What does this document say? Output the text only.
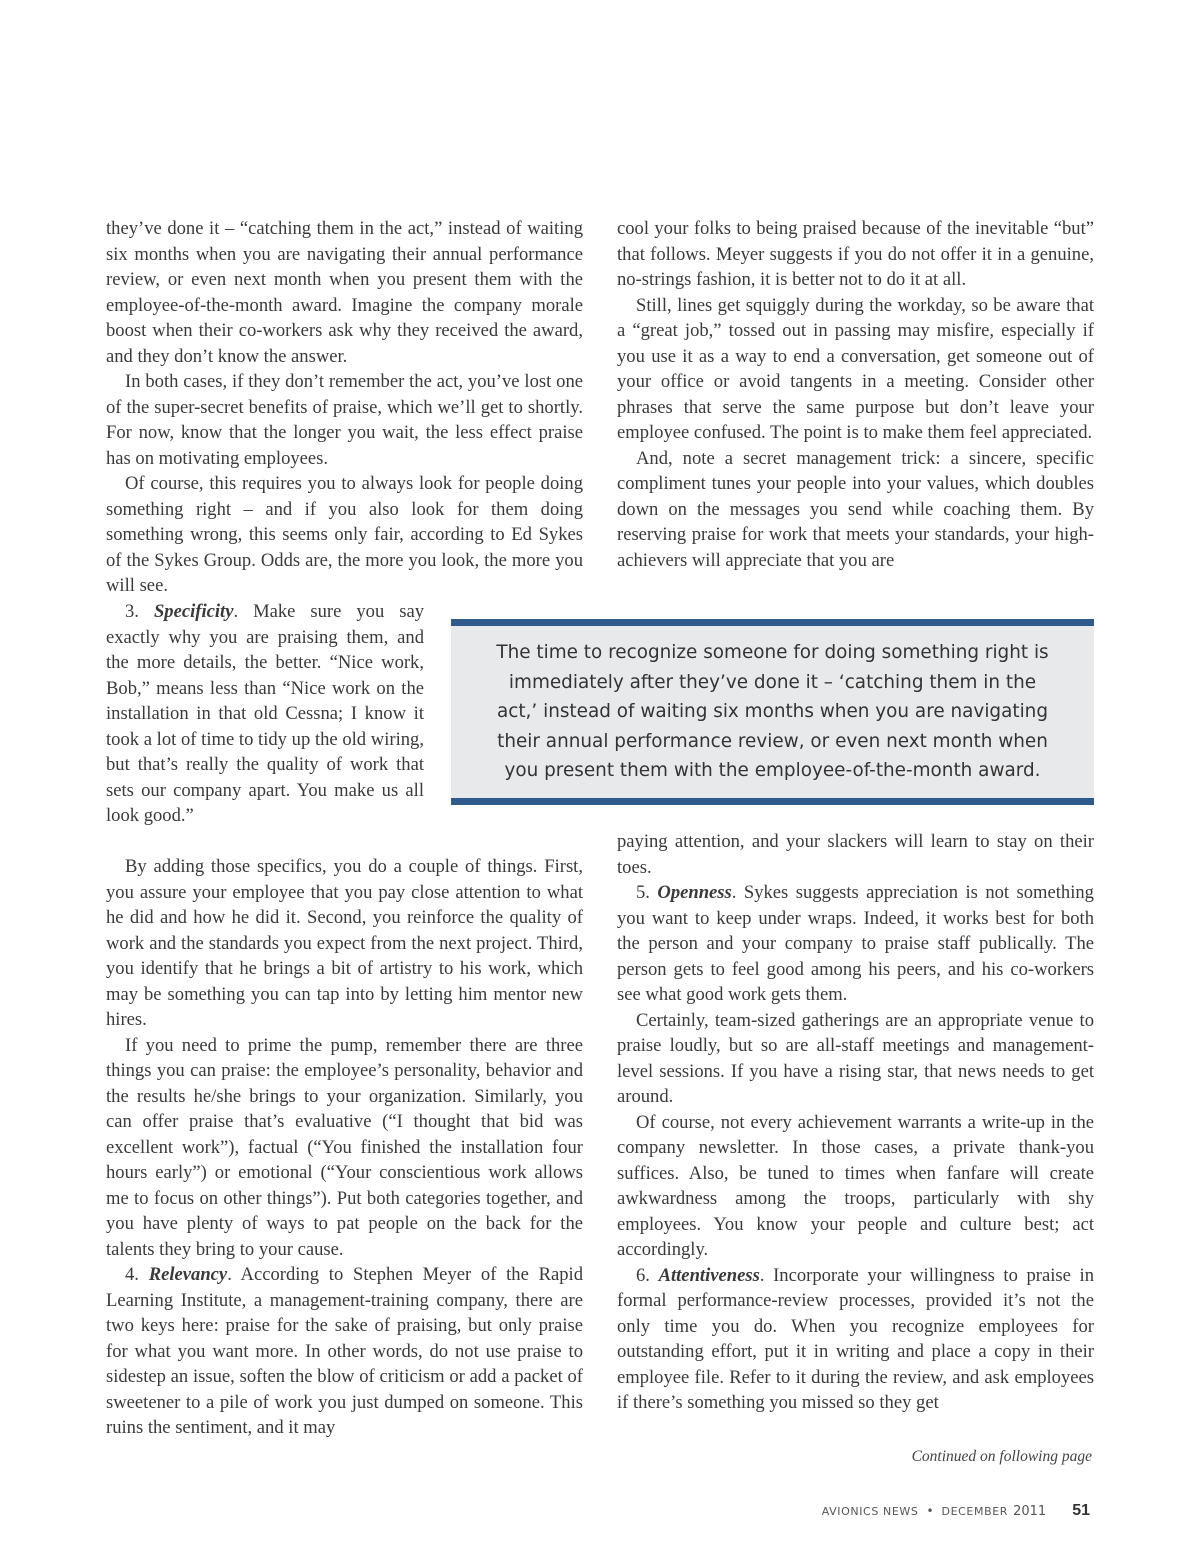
they’ve done it – “catching them in the act,” instead of waiting six months when you are navigating their annual performance review, or even next month when you present them with the employee-of-the-month award. Imagine the company morale boost when their co-workers ask why they received the award, and they don’t know the answer.

In both cases, if they don’t remember the act, you’ve lost one of the super-secret benefits of praise, which we’ll get to shortly. For now, know that the longer you wait, the less effect praise has on motivating employees.

Of course, this requires you to always look for people doing something right – and if you also look for them doing something wrong, this seems only fair, according to Ed Sykes of the Sykes Group. Odds are, the more you look, the more you will see.

3. Specificity. Make sure you say exactly why you are praising them, and the more details, the better. “Nice work, Bob,” means less than “Nice work on the installation in that old Cessna; I know it took a lot of time to tidy up the old wiring, but that’s really the quality of work that sets our company apart. You make us all look good.”

By adding those specifics, you do a couple of things. First, you assure your employee that you pay close attention to what he did and how he did it. Second, you reinforce the quality of work and the standards you expect from the next project. Third, you identify that he brings a bit of artistry to his work, which may be something you can tap into by letting him mentor new hires.

If you need to prime the pump, remember there are three things you can praise: the employee’s personality, behavior and the results he/she brings to your organization. Similarly, you can offer praise that’s evaluative (“I thought that bid was excellent work”), factual (“You finished the installation four hours early”) or emotional (“Your conscientious work allows me to focus on other things”). Put both categories together, and you have plenty of ways to pat people on the back for the talents they bring to your cause.

4. Relevancy. According to Stephen Meyer of the Rapid Learning Institute, a management-training company, there are two keys here: praise for the sake of praising, but only praise for what you want more. In other words, do not use praise to sidestep an issue, soften the blow of criticism or add a packet of sweetener to a pile of work you just dumped on someone. This ruins the sentiment, and it may

cool your folks to being praised because of the inevitable “but” that follows. Meyer suggests if you do not offer it in a genuine, no-strings fashion, it is better not to do it at all.

Still, lines get squiggly during the workday, so be aware that a “great job,” tossed out in passing may misfire, especially if you use it as a way to end a conversation, get someone out of your office or avoid tangents in a meeting. Consider other phrases that serve the same purpose but don’t leave your employee confused. The point is to make them feel appreciated.

And, note a secret management trick: a sincere, specific compliment tunes your people into your values, which doubles down on the messages you send while coaching them. By reserving praise for work that meets your standards, your high-achievers will appreciate that you are

The time to recognize someone for doing something right is immediately after they’ve done it – ‘catching them in the act,’ instead of waiting six months when you are navigating their annual performance review, or even next month when you present them with the employee-of-the-month award.

paying attention, and your slackers will learn to stay on their toes.

5. Openness. Sykes suggests appreciation is not something you want to keep under wraps. Indeed, it works best for both the person and your company to praise staff publically. The person gets to feel good among his peers, and his co-workers see what good work gets them.

Certainly, team-sized gatherings are an appropriate venue to praise loudly, but so are all-staff meetings and management-level sessions. If you have a rising star, that news needs to get around.

Of course, not every achievement warrants a write-up in the company newsletter. In those cases, a private thank-you suffices. Also, be tuned to times when fanfare will create awkwardness among the troops, particularly with shy employees. You know your people and culture best; act accordingly.

6. Attentiveness. Incorporate your willingness to praise in formal performance-review processes, provided it’s not the only time you do. When you recognize employees for outstanding effort, put it in writing and place a copy in their employee file. Refer to it during the review, and ask employees if there’s something you missed so they get

Continued on following page
AVIONICS NEWS • DECEMBER 2011 51
